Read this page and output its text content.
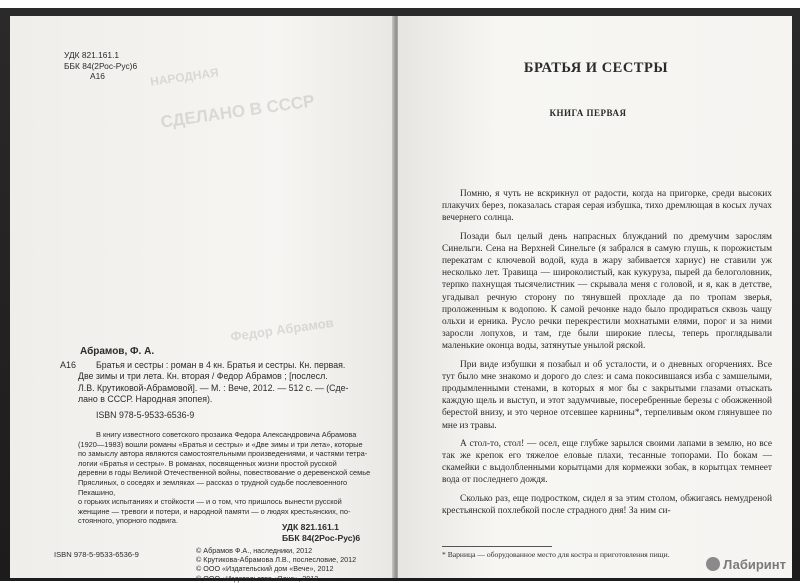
СДЕЛАНО В СССР
НАРОДНАЯ
Федор Абрамов
УДК 821.161.1
ББК 84(2Рос-Рус)6
А16
Абрамов, Ф. А.
А16	Братья и сестры : роман в 4 кн. Братья и сестры. Кн. первая.

Две зимы и три лета. Кн. вторая / Федор Абрамов ; [послесл.

Л.В. Крутиковой-Абрамовой]. — М. : Вече, 2012. — 512 с. — (Сде-

лано в СССР. Народная эпопея).

ISBN 978-5-9533-6536-9

В книгу известного советского прозаика Федора Александровича Абрамова

(1920—1983) вошли романы «Братья и сестры» и «Две зимы и три лета», которые

по замыслу автора являются самостоятельными произведениями, и частями тетра-

логии «Братья и сестры». В романах, посвященных жизни простой русской

деревни в годы Великой Отечественной войны, повествование о деревенской семье

Пряслиных, о соседях и земляках — рассказ о трудной судьбе послевоенного Пекашино,

о горьких испытаниях и стойкости — и о том, что пришлось вынести русской

женщине — тревоги и потери, и народной памяти — о людях крестьянских, по-

стоянного, упорного подвига.

УДК 821.161.1
ББК 84(2Рос-Рус)6
ISBN 978-5-9533-6536-9	© Абрамов Ф.А., наследники, 2012
© Крутикова-Абрамова Л.В., послесловие, 2012
© ООО «Издательский дом «Вече», 2012
© ООО «Издательство «Вече», 2012
БРАТЬЯ И СЕСТРЫ
КНИГА ПЕРВАЯ

Помню, я чуть не вскрикнул от радости, когда на пригорке, среди высоких плакучих берез, показалась старая серая избушка, тихо дремлющая в косых лучах вечернего солнца.

Позади был целый день напрасных блужданий по дремучим зарослям Синельги. Сена на Верхней Синельге (я забрался в самую глушь, к порожистым перекатам с ключевой водой, куда в жару забивается хариус) не ставили уж несколько лет. Травища — широколистый, как кукуруза, пырей да белоголовник, терпко пахнущая тысячелистник — скрывала меня с головой, и я, как в детстве, угадывал речную сторону по тянувшей прохладе да по тропам зверья, проложенным к водопою. К самой речонке надо было продираться сквозь чащу ольхи и ерника. Русло речки перекрестили мохнатыми елями, порог и за ними заросли лопухов, и там, где были широкие плесы, теперь проглядывали маленькие оконца воды, затянутые унылой ряской.

При виде избушки я позабыл и об усталости, и о дневных огорчениях. Все тут было мне знакомо и дорого до слез: и сама покосившаяся изба с замшелыми, продымленными стенами, в которых я мог бы с закрытыми глазами отыскать каждую щель и выступ, и этот задумчивые, посеребренные березы с обожженной берестой внизу, и это черное отсевшее карнины*, терпеливым оком глянувшее по мне из травы.

А стол-то, стол! — осел, еще глубже зарылся своими лапами в землю, но все так же крепок его тяжелое еловые плахи, тесанные топорами. По бокам — скамейки с выдолбленными корытцами для кормежки зобак, в корытцах темнеет вода от последнего дождя.

Сколько раз, еще подростком, сидел я за этим столом, обжигаясь немудреной крестьянской похлебкой после страдного дня! За ним си-

* Варница — оборудованное место для костра и приготовления пищи.
Лабиринт
